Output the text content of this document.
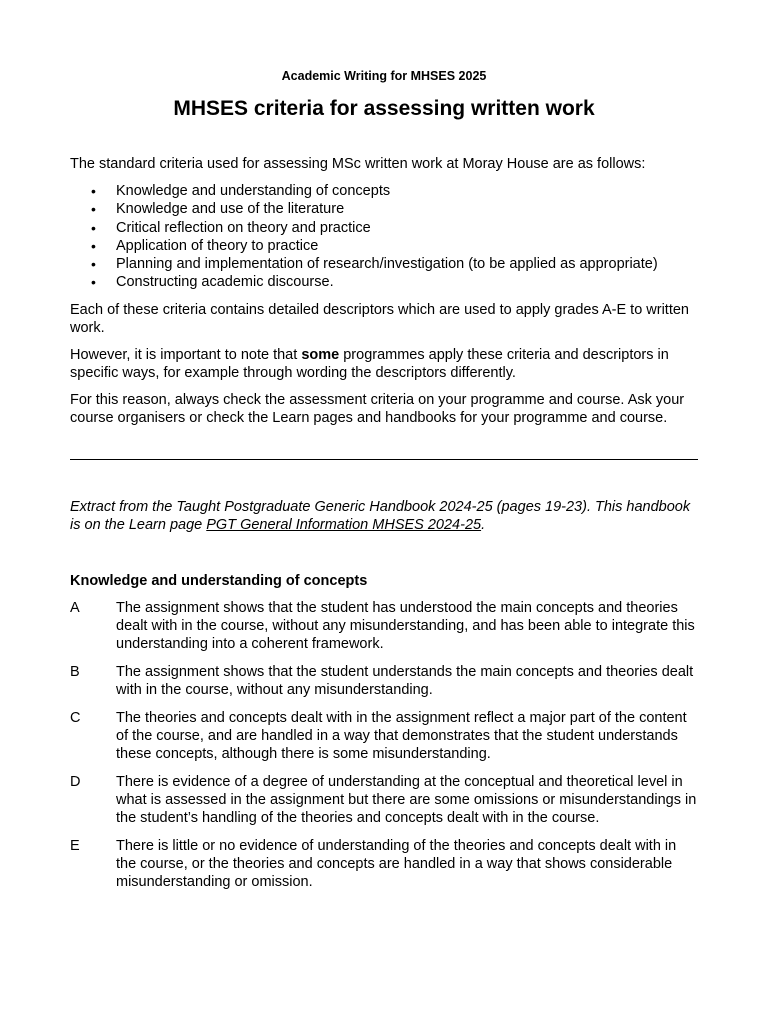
Academic Writing for MHSES 2025
MHSES criteria for assessing written work
The standard criteria used for assessing MSc written work at Moray House are as follows:
• Knowledge and understanding of concepts
• Knowledge and use of the literature
• Critical reflection on theory and practice
• Application of theory to practice
• Planning and implementation of research/investigation (to be applied as appropriate)
• Constructing academic discourse.

Each of these criteria contains detailed descriptors which are used to apply grades A-E to written work.

However, it is important to note that some programmes apply these criteria and descriptors in specific ways, for example through wording the descriptors differently.

For this reason, always check the assessment criteria on your programme and course. Ask your course organisers or check the Learn pages and handbooks for your programme and course.

Extract from the Taught Postgraduate Generic Handbook 2024-25 (pages 19-23). This handbook is on the Learn page PGT General Information MHSES 2024-25.
Knowledge and understanding of concepts
A	The assignment shows that the student has understood the main concepts and theories dealt with in the course, without any misunderstanding, and has been able to integrate this understanding into a coherent framework.
B	The assignment shows that the student understands the main concepts and theories dealt with in the course, without any misunderstanding.
C	The theories and concepts dealt with in the assignment reflect a major part of the content of the course, and are handled in a way that demonstrates that the student understands these concepts, although there is some misunderstanding.
D	There is evidence of a degree of understanding at the conceptual and theoretical level in what is assessed in the assignment but there are some omissions or misunderstandings in the student’s handling of the theories and concepts dealt with in the course.
E	There is little or no evidence of understanding of the theories and concepts dealt with in the course, or the theories and concepts are handled in a way that shows considerable misunderstanding or omission.
